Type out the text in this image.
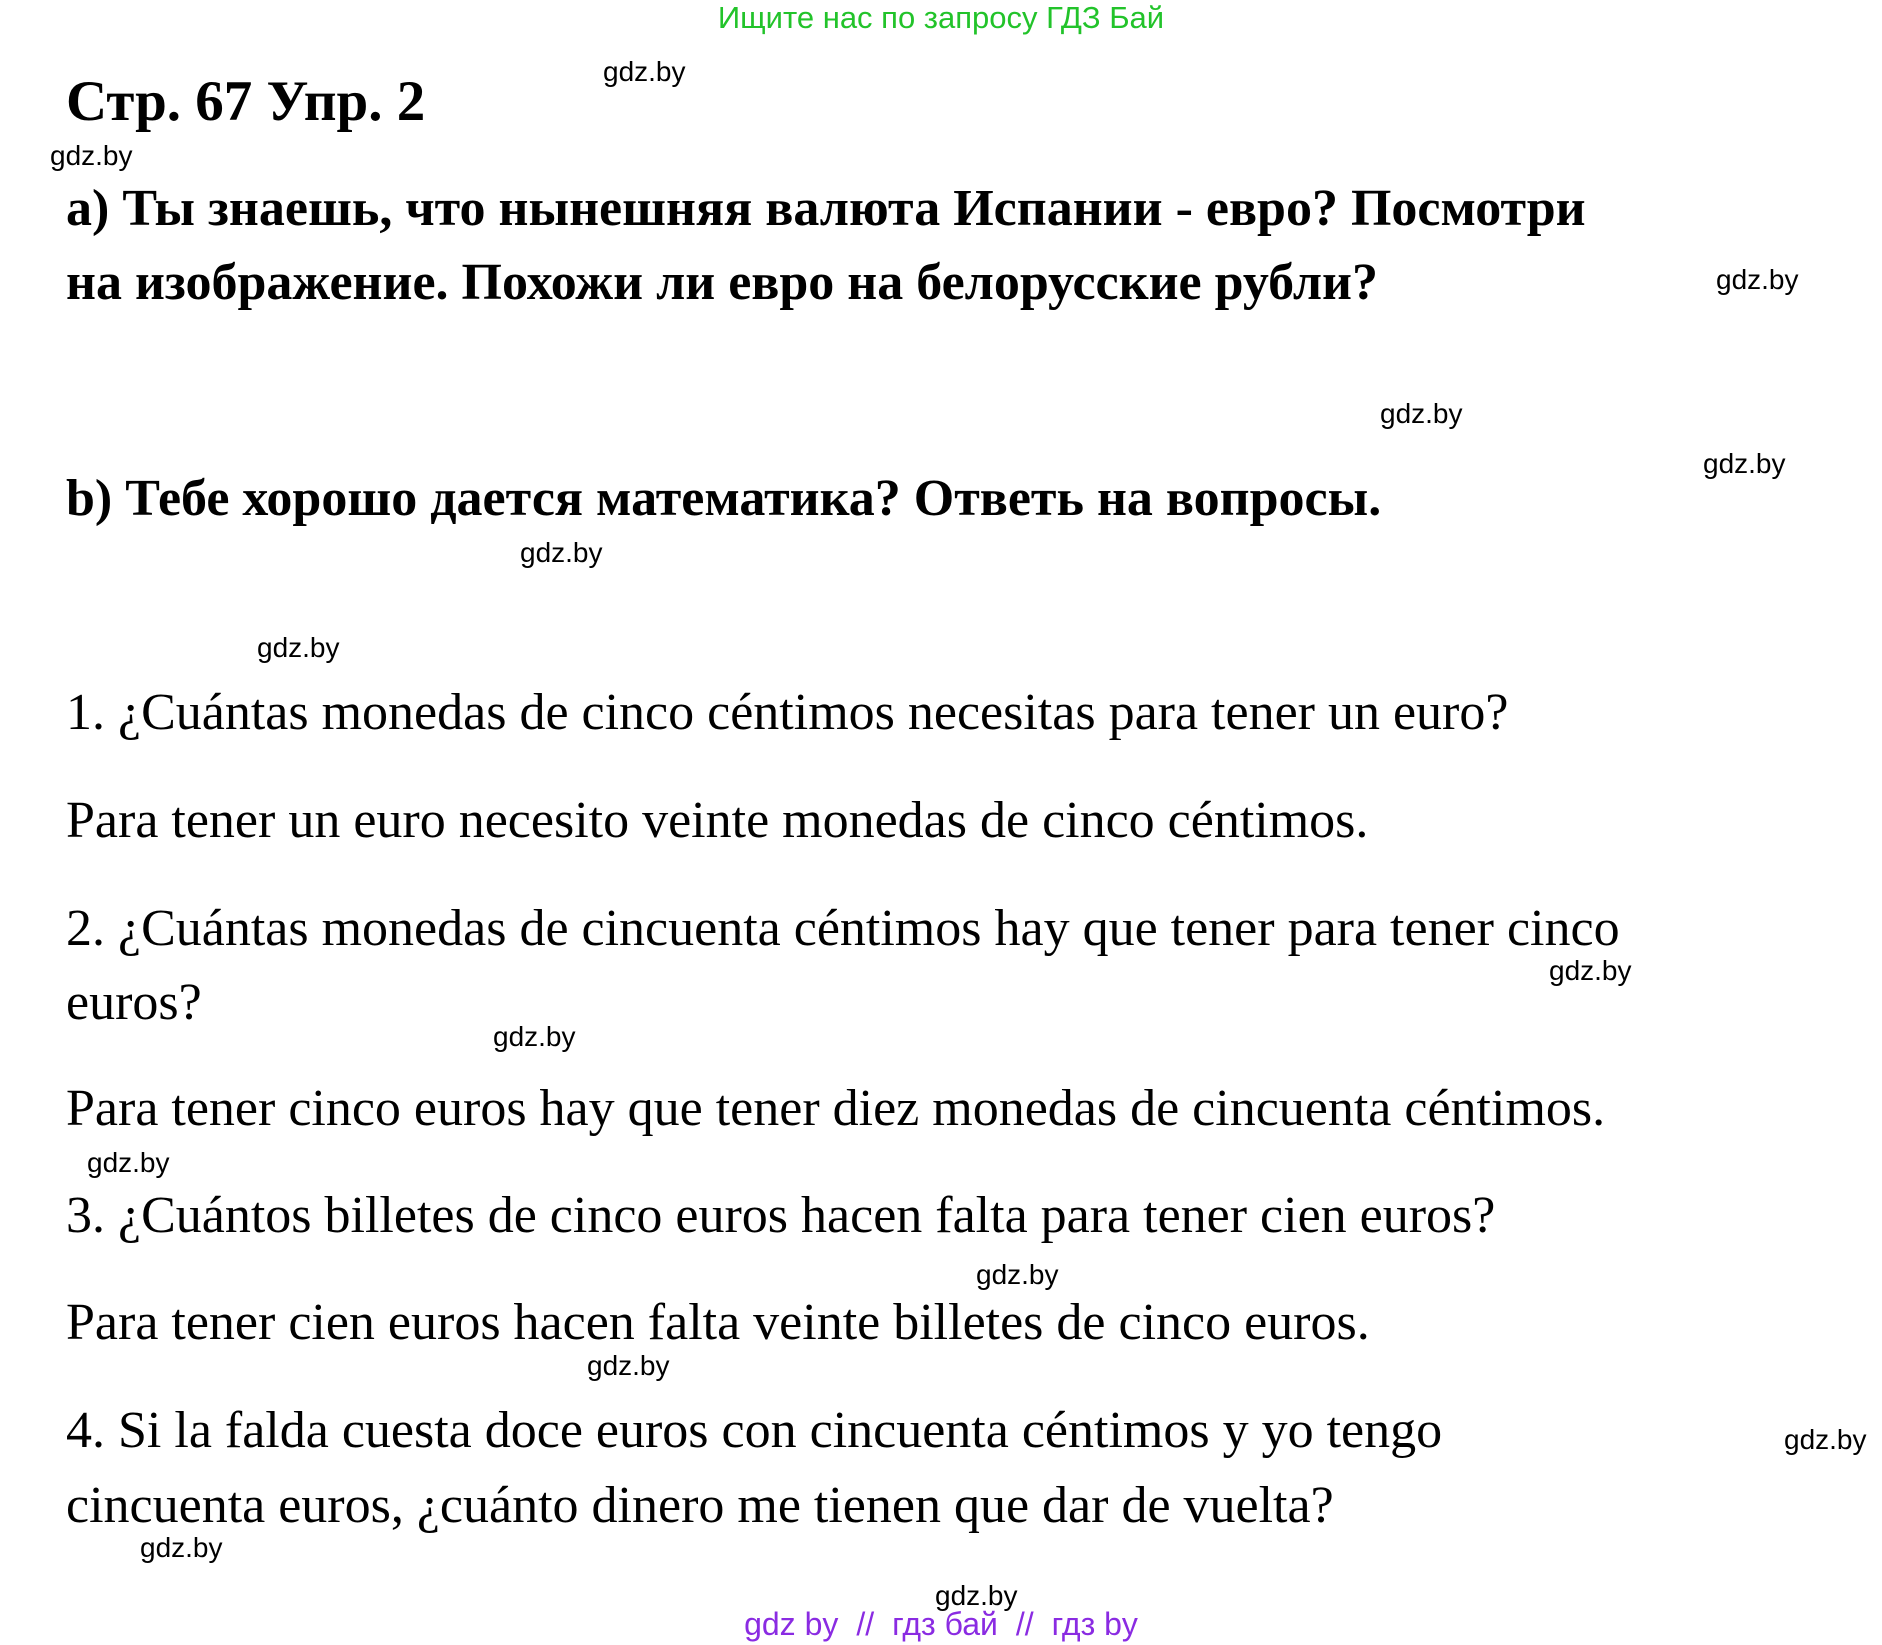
Ищите нас по запросу ГДЗ Бай
Стр. 67 Упр. 2
a) Ты знаешь, что нынешняя валюта Испании - евро? Посмотри
на изображение. Похожи ли евро на белорусские рубли?
b) Тебе хорошо дается математика? Ответь на вопросы.
1. ¿Cuántas monedas de cinco céntimos necesitas para tener un euro?
Para tener un euro necesito veinte monedas de cinco céntimos.
2. ¿Cuántas monedas de cincuenta céntimos hay que tener para tener cinco
euros?
Para tener cinco euros hay que tener diez monedas de cincuenta céntimos.
3. ¿Cuántos billetes de cinco euros hacen falta para tener cien euros?
Para tener cien euros hacen falta veinte billetes de cinco euros.
4. Si la falda cuesta doce euros con cincuenta céntimos y yo tengo
cincuenta euros, ¿cuánto dinero me tienen que dar de vuelta?
gdz.by
gdz.by
gdz.by
gdz.by
gdz.by
gdz.by
gdz.by
gdz.by
gdz.by
gdz.by
gdz.by
gdz.by
gdz.by
gdz.by
gdz.by
gdz by // гдз бай // гдз by
